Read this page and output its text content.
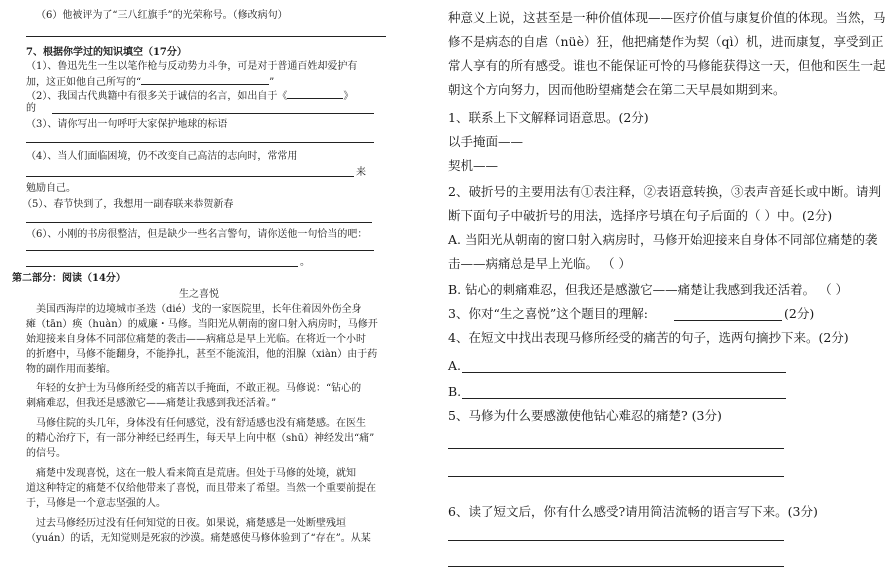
（6）他被评为了“三八红旗手”的光荣称号。（修改病句）
7、根据你学过的知识填空（17分）
（1）、鲁迅先生一生以笔作枪与反动势力斗争，可是对于普通百姓却爱护有
加，这正如他自己所写的“	”
（2）、我国古代典籍中有很多关于诚信的名言，如出自于《	》
的
（3）、请你写出一句呼吁大家保护地球的标语
（4）、当人们面临困境，仍不改变自己高洁的志向时，常常用
来
勉励自己。
（5）、春节快到了，我想用一副春联来恭贺新春
（6）、小刚的书房很整洁，但是缺少一些名言警句，请你送他一句恰当的吧：
。
第二部分：阅读（14分）
生之喜悦
美国西海岸的边境城市圣迭（dié）戈的一家医院里，长年住着因外伤全身
瘫（tān）痪（huàn）的威廉・马修。当阳光从朝南的窗口射入病房时，马修开
始迎接来自身体不同部位痛楚的袭击——病痛总是早上光临。在将近一个小时
的折磨中，马修不能翻身，不能挣扎，甚至不能流泪，他的泪腺（xiàn）由于药
物的副作用而萎缩。
年轻的女护士为马修所经受的痛苦以手掩面，不敢正视。马修说：“钻心的
刺痛难忍，但我还是感激它——痛楚让我感到我还活着。”
马修住院的头几年，身体没有任何感觉，没有舒适感也没有痛楚感。在医生
的精心治疗下，有一部分神经已经再生，每天早上向中枢（shū）神经发出“痛”
的信号。
痛楚中发现喜悦，这在一般人看来简直是荒唐。但处于马修的处境，就知
道这种特定的痛楚不仅给他带来了喜悦，而且带来了希望。当然一个重要前提在
于，马修是一个意志坚强的人。
过去马修经历过没有任何知觉的日夜。如果说，痛楚感是一处断壁残垣
（yuán）的话，无知觉则是死寂的沙漠。痛楚感使马修体验到了“存在”。从某
种意义上说，这甚至是一种价值体现——医疗价值与康复价值的体现。当然，马
修不是病态的自虐（nüè）狂，他把痛楚作为契（qì）机，进而康复，享受到正
常人享有的所有感受。谁也不能保证可怜的马修能获得这一天，但他和医生一起
朝这个方向努力，因而他盼望痛楚会在第二天早晨如期到来。
1、联系上下文解释词语意思。(2分)
以手掩面——
契机——
2、破折号的主要用法有①表注释，②表语意转换，③表声音延长或中断。请判
断下面句子中破折号的用法，选择序号填在句子后面的（ ）中。(2分)
A. 当阳光从朝南的窗口射入病房时，马修开始迎接来自身体不同部位痛楚的袭
击——病痛总是早上光临。 （ ）
B. 钻心的刺痛难忍，但我还是感激它——痛楚让我感到我还活着。 （ ）
3、你对“生之喜悦”这个题目的理解:	(2分)
4、在短文中找出表现马修所经受的痛苦的句子，选两句摘抄下来。(2分)
A.
B.
5、马修为什么要感激使他钻心难忍的痛楚? (3分)
6、读了短文后，你有什么感受?请用简洁流畅的语言写下来。(3分)
